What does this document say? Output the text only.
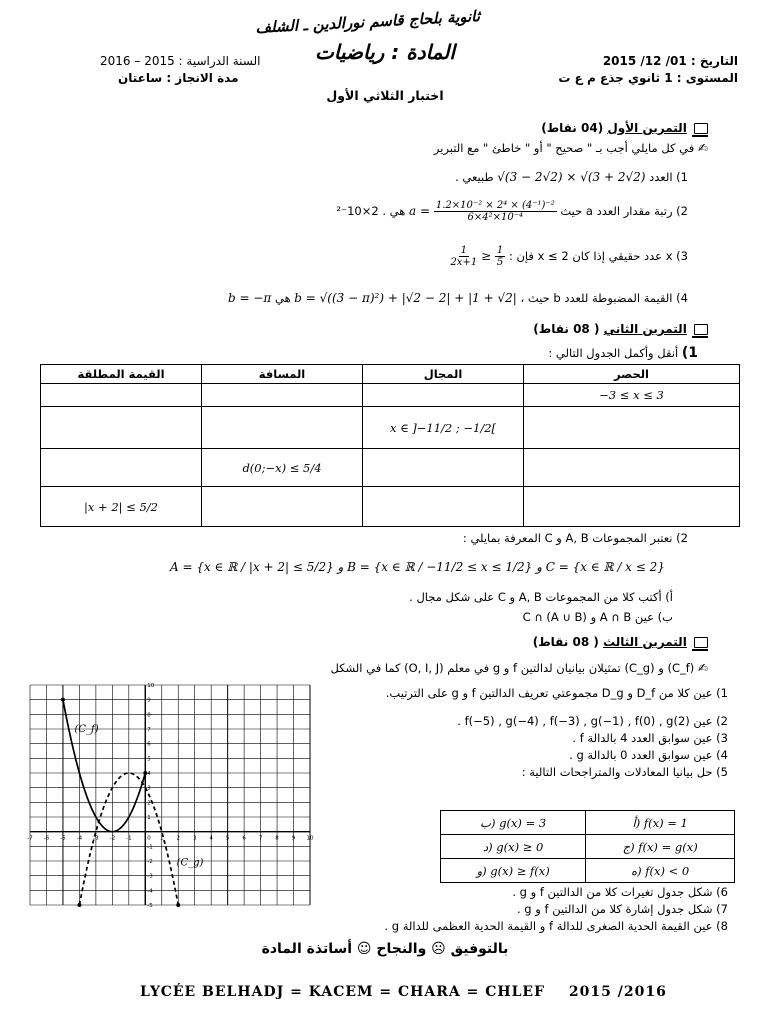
ثانوية بلحاج قاسم نورالدين ـ الشلف
المادة : رياضيات
اختبار الثلاثي الأول
التاريخ : 01/ 12/ 2015
المستوى : 1 ثانوي جذع م ع ت
السنة الدراسية : 2015 – 2016
مدة الانجاز : ساعتان
التمرين الأول (04 نقاط)
✍ في كل مايلي أجب بـ " صحيح " أو " خاطئ " مع التبرير
1) العدد √(3 − 2√2) × √(3 + 2√2) طبيعي .
2) رتبة مقدار العدد a حيث $a = \frac{\text{1.2×10⁻² × 2⁴ × (4⁻¹)⁻²}}{\text{6×4²×10⁻⁴}}$
هي . 2×10⁻²
3) x عدد حقيقي إذا كان 2 ≥ x فإن :
$\frac{1}{2x+1} \ge \frac{1}{5}$
4) القيمة المضبوطة للعدد b حيث ، b = √((3 − π)²) + |√2 − 2| + |1 + √2| هي b = −π
التمرين الثاني ( 08 نقاط)
1) أنقل وأكمل الجدول التالي :
القيمة المطلقة	المسافة	المجال	الحصر
			−3 ≤ x ≤ 3
		x ∈ ]−11/2 ; −1/2[	
	d(0;−x) ≤ 5/4		
|x + 2| ≤ 5/2			
2) نعتبر المجموعات A, B و C المعرفة بمايلي :
C = {x ∈ ℝ / x ≤ 2} و B = {x ∈ ℝ / −11/2 ≤ x ≤ 1/2} و A = {x ∈ ℝ / |x + 2| ≤ 5/2}
أ) أكتب كلا من المجموعات A, B و C على شكل مجال .
ب) عين A ∩ B و (A ∪ B) ∩ C
التمرين الثالث ( 08 نقاط)
✍ (C_f) و (C_g) تمثيلان بيانيان لدالتين f و g في معلم (O, I, J) كما في الشكل
-7 -6 -5 -4 -3 -2 -1	1 2 3 4 5 6 7 8 9 10
-5
-4
-3
-2
-1
1
2
3
4
5
6
7
8
9
10
0
(C_f)
(C_g)
1) عين كلا من D_f و D_g مجموعتي تعريف الدالتين f و g على الترتيب.
2) عين f(−5) , g(−4) , f(−3) , g(−1) , f(0) , g(2) .
3) عين سوابق العدد 4 بالدالة f .
4) عين سوابق العدد 0 بالدالة g .
5) حل بيانيا المعادلات والمتراجحات التالية :
ب) g(x) = 3	أ) f(x) = 1
د) g(x) ≥ 0	ج) f(x) = g(x)
و) g(x) ≥ f(x)	ه) f(x) < 0
6) شكل جدول تغيرات كلا من الدالتين f و g .
7) شكل جدول إشارة كلا من الدالتين f و g .
8) عين القيمة الحدية الصغرى للدالة f و القيمة الحدية العظمى للدالة g .
بالتوفيق ☹ والنجاح ☺ أساتذة المادة
LYCÉE BELHADJ = KACEM = CHARA = CHLEF 2015 /2016
